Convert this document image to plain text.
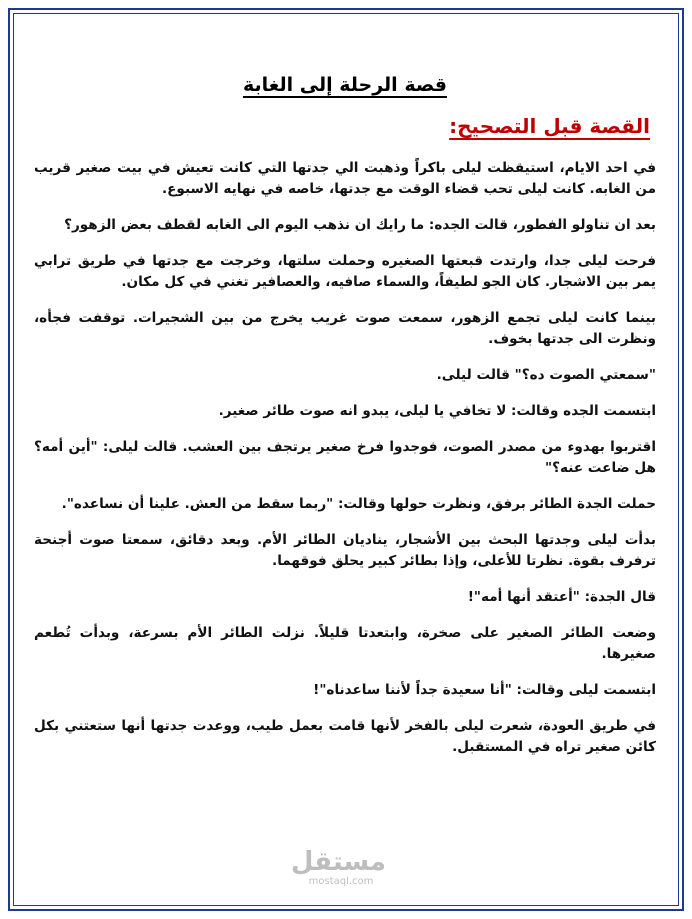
قصة الرحلة إلى الغابة
القصة قبل التصحيح:

في احد الايام، استيقظت ليلى باكراً وذهبت الي جدتها التي كانت تعيش في بيت صغير قريب من الغابه. كانت ليلى تحب قضاء الوقت مع جدتها، خاصه في نهايه الاسبوع.

بعد ان تناولو الفطور، قالت الجده: ما رايك ان نذهب اليوم الى الغابه لقطف بعض الزهور؟

فرحت ليلى جدا، وارتدت قبعتها الصغيره وحملت سلتها، وخرجت مع جدتها في طريق ترابي يمر بين الاشجار. كان الجو لطيفاً، والسماء صافيه، والعصافير تغني في كل مكان.

بينما كانت ليلى تجمع الزهور، سمعت صوت غريب يخرج من بين الشجيرات. توقفت فجأه، ونظرت الى جدتها بخوف.

"سمعتي الصوت ده؟" قالت ليلى.

ابتسمت الجده وقالت: لا تخافي يا ليلى، يبدو انه صوت طائر صغير.

اقتربوا بهدوء من مصدر الصوت، فوجدوا فرخ صغير يرتجف بين العشب. قالت ليلى: "أين أمه؟ هل ضاعت عنه؟"

حملت الجدة الطائر برفق، ونظرت حولها وقالت: "ربما سقط من العش. علينا أن نساعده".

بدأت ليلى وجدتها البحث بين الأشجار، يناديان الطائر الأم. وبعد دقائق، سمعتا صوت أجنحة ترفرف بقوة. نظرتا للأعلى، وإذا بطائر كبير يحلق فوقهما.

قال الجدة: "أعتقد أنها أمه"!

وضعت الطائر الصغير على صخرة، وابتعدتا قليلاً. نزلت الطائر الأم بسرعة، وبدأت تُطعم صغيرها.

ابتسمت ليلى وقالت: "أنا سعيدة جداً لأننا ساعدناه"!

في طريق العودة، شعرت ليلى بالفخر لأنها قامت بعمل طيب، ووعدت جدتها أنها ستعتني بكل كائن صغير تراه في المستقبل.

مستقل
mostaql.com
